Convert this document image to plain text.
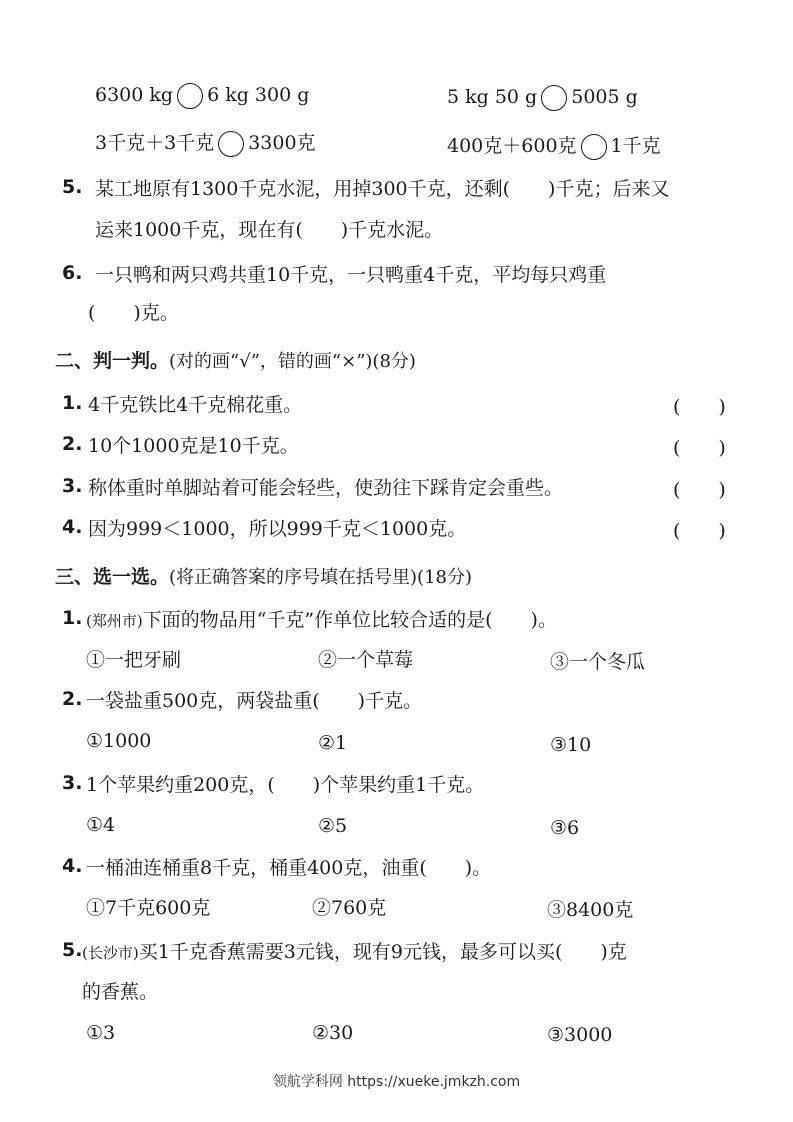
6300 kg 6 kg 300 g	5 kg 50 g 5005 g
3千克＋3千克 3300克	400克＋600克 1千克
5. 某工地原有1300千克水泥，用掉300千克，还剩(　　)千克；后来又
运来1000千克，现在有(　　)千克水泥。
6. 一只鸭和两只鸡共重10千克，一只鸭重4千克，平均每只鸡重
(　　)克。
二、判一判。(对的画“√”，错的画“×”)(8分)
1. 4千克铁比4千克棉花重。	(　　)
2. 10个1000克是10千克。	(　　)
3. 称体重时单脚站着可能会轻些，使劲往下踩肯定会重些。	(　　)
4. 因为999＜1000，所以999千克＜1000克。	(　　)
三、选一选。(将正确答案的序号填在括号里)(18分)
1. (郑州市)下面的物品用“千克”作单位比较合适的是(　　)。
①一把牙刷	②一个草莓	③一个冬瓜
2. 一袋盐重500克，两袋盐重(　　)千克。
①1000	②1	③10
3. 1个苹果约重200克，(　　)个苹果约重1千克。
①4	②5	③6
4. 一桶油连桶重8千克，桶重400克，油重(　　)。
①7千克600克	②760克	③8400克
5. (长沙市)买1千克香蕉需要3元钱，现有9元钱，最多可以买(　　)克
的香蕉。
①3	②30	③3000
领航学科网 https://xueke.jmkzh.com
